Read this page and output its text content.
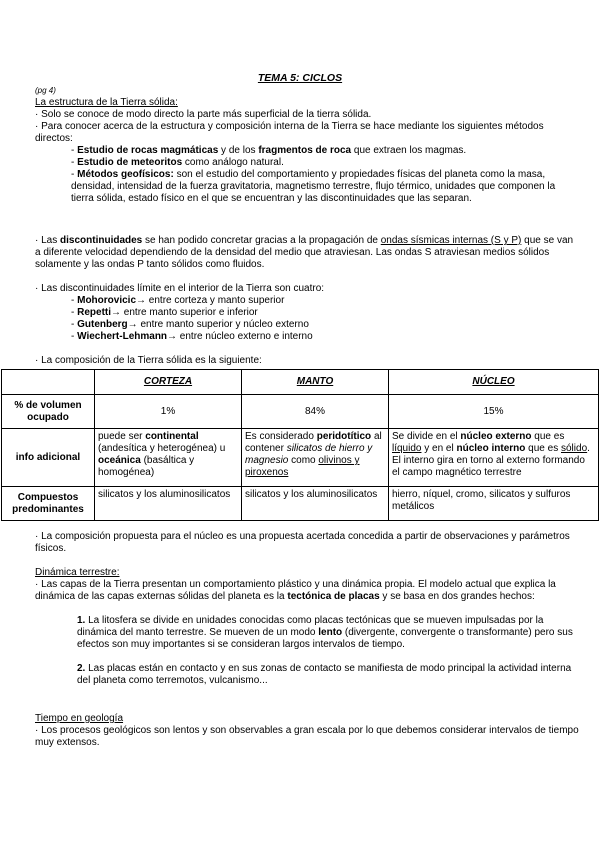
TEMA 5: CICLOS
(pg 4)
La estructura de la Tierra sólida:
· Solo se conoce de modo directo la parte más superficial de la tierra sólida.
· Para conocer acerca de la estructura y composición interna de la Tierra se hace mediante los siguientes métodos directos:
- Estudio de rocas magmáticas y de los fragmentos de roca que extraen los magmas.
- Estudio de meteoritos como análogo natural.
- Métodos geofísicos: son el estudio del comportamiento y propiedades físicas del planeta como la masa, densidad, intensidad de la fuerza gravitatoria, magnetismo terrestre, flujo térmico, unidades que componen la tierra sólida, estado físico en el que se encuentran y las discontinuidades que las separan.
· Las discontinuidades se han podido concretar gracias a la propagación de ondas sísmicas internas (S y P) que se van a diferente velocidad dependiendo de la densidad del medio que atraviesan. Las ondas S atraviesan medios sólidos solamente y las ondas P tanto sólidos como fluidos.
· Las discontinuidades límite en el interior de la Tierra son cuatro:
- Mohorovicic→ entre corteza y manto superior
- Repetti→ entre manto superior e inferior
- Gutenberg→ entre manto superior y núcleo externo
- Wiechert-Lehmann→ entre núcleo externo e interno
· La composición de la Tierra sólida es la siguiente:
	CORTEZA	MANTO	NÚCLEO
% de volumen ocupado	1%	84%	15%
info adicional	puede ser continental (andesítica y heterogénea) u oceánica (basáltica y homogénea)	Es considerado peridotítico al contener silicatos de hierro y magnesio como olivinos y piroxenos	Se divide en el núcleo externo que es líquido y en el núcleo interno que es sólido. El interno gira en torno al externo formando el campo magnético terrestre
Compuestos predominantes	silicatos y los aluminosilicatos	silicatos y los aluminosilicatos	hierro, níquel, cromo, silicatos y sulfuros metálicos
· La composición propuesta para el núcleo es una propuesta acertada concedida a partir de observaciones y parámetros físicos.
Dinámica terrestre:
· Las capas de la Tierra presentan un comportamiento plástico y una dinámica propia. El modelo actual que explica la dinámica de las capas externas sólidas del planeta es la tectónica de placas y se basa en dos grandes hechos:
1. La litosfera se divide en unidades conocidas como placas tectónicas que se mueven impulsadas por la dinámica del manto terrestre. Se mueven de un modo lento (divergente, convergente o transformante) pero sus efectos son muy importantes si se consideran largos intervalos de tiempo.
2. Las placas están en contacto y en sus zonas de contacto se manifiesta de modo principal la actividad interna del planeta como terremotos, vulcanismo...
Tiempo en geología
· Los procesos geológicos son lentos y son observables a gran escala por lo que debemos considerar intervalos de tiempo muy extensos.
